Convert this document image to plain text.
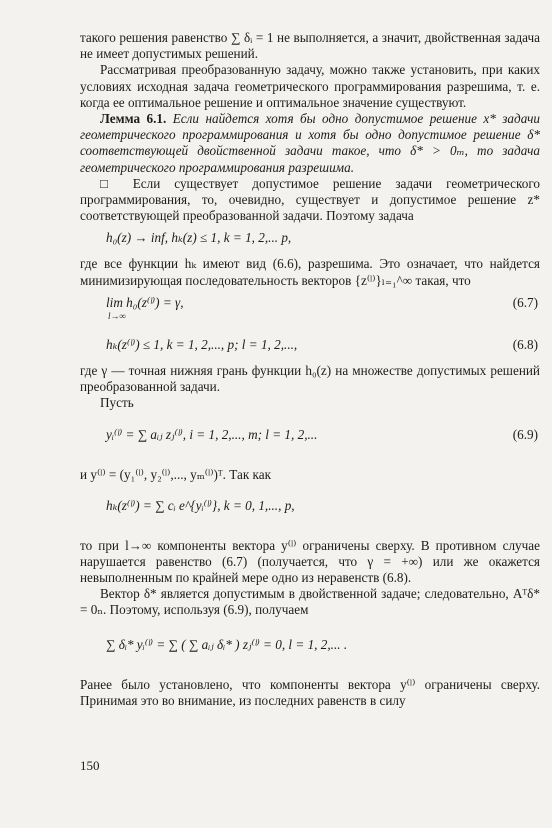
такого решения равенство ∑ δᵢ = 1 не выполняется, а значит, двойственная задача не имеет допустимых решений.

Рассматривая преобразованную задачу, можно также установить, при каких условиях исходная задача геометрического программирования разрешима, т. е. когда ее оптимальное решение и оптимальное значение существуют.

Лемма 6.1. Если найдется хотя бы одно допустимое решение x* задачи геометрического программирования и хотя бы одно допустимое решение δ* соответствующей двойственной задачи такое, что δ* > 0ₘ, то задача геометрического программирования разрешима.

□ Если существует допустимое решение задачи геометрического программирования, то, очевидно, существует и допустимое решение z* соответствующей преобразованной задачи. Поэтому задача

h₀(z) → inf, hₖ(z) ≤ 1, k = 1, 2,... p,

где все функции hₖ имеют вид (6.6), разрешима. Это означает, что найдется минимизирующая последовательность векторов {z⁽ˡ⁾}ₗ₌₁^∞ такая, что

lim h₀(z⁽ˡ⁾) = γ,
l→∞
(6.7)
hₖ(z⁽ˡ⁾) ≤ 1, k = 1, 2,..., p; l = 1, 2,...,	(6.8)

где γ — точная нижняя грань функции h₀(z) на множестве допустимых решений преобразованной задачи.

Пусть

yᵢ⁽ˡ⁾ = ∑ aᵢⱼ zⱼ⁽ˡ⁾, i = 1, 2,..., m; l = 1, 2,...	(6.9)

и y⁽ˡ⁾ = (y₁⁽ˡ⁾, y₂⁽ˡ⁾,..., yₘ⁽ˡ⁾)ᵀ. Так как

hₖ(z⁽ˡ⁾) = ∑ cᵢ e^{yᵢ⁽ˡ⁾}, k = 0, 1,..., p,

то при l→∞ компоненты вектора y⁽ˡ⁾ ограничены сверху. В противном случае нарушается равенство (6.7) (получается, что γ = +∞) или же окажется невыполненным по крайней мере одно из неравенств (6.8).

Вектор δ* является допустимым в двойственной задаче; следовательно, Aᵀδ* = 0ₙ. Поэтому, используя (6.9), получаем

∑ δᵢ* yᵢ⁽ˡ⁾ = ∑ ( ∑ aᵢⱼ δᵢ* ) zⱼ⁽ˡ⁾ = 0, l = 1, 2,... .

Ранее было установлено, что компоненты вектора y⁽ˡ⁾ ограничены сверху. Принимая это во внимание, из последних равенств в силу

150
